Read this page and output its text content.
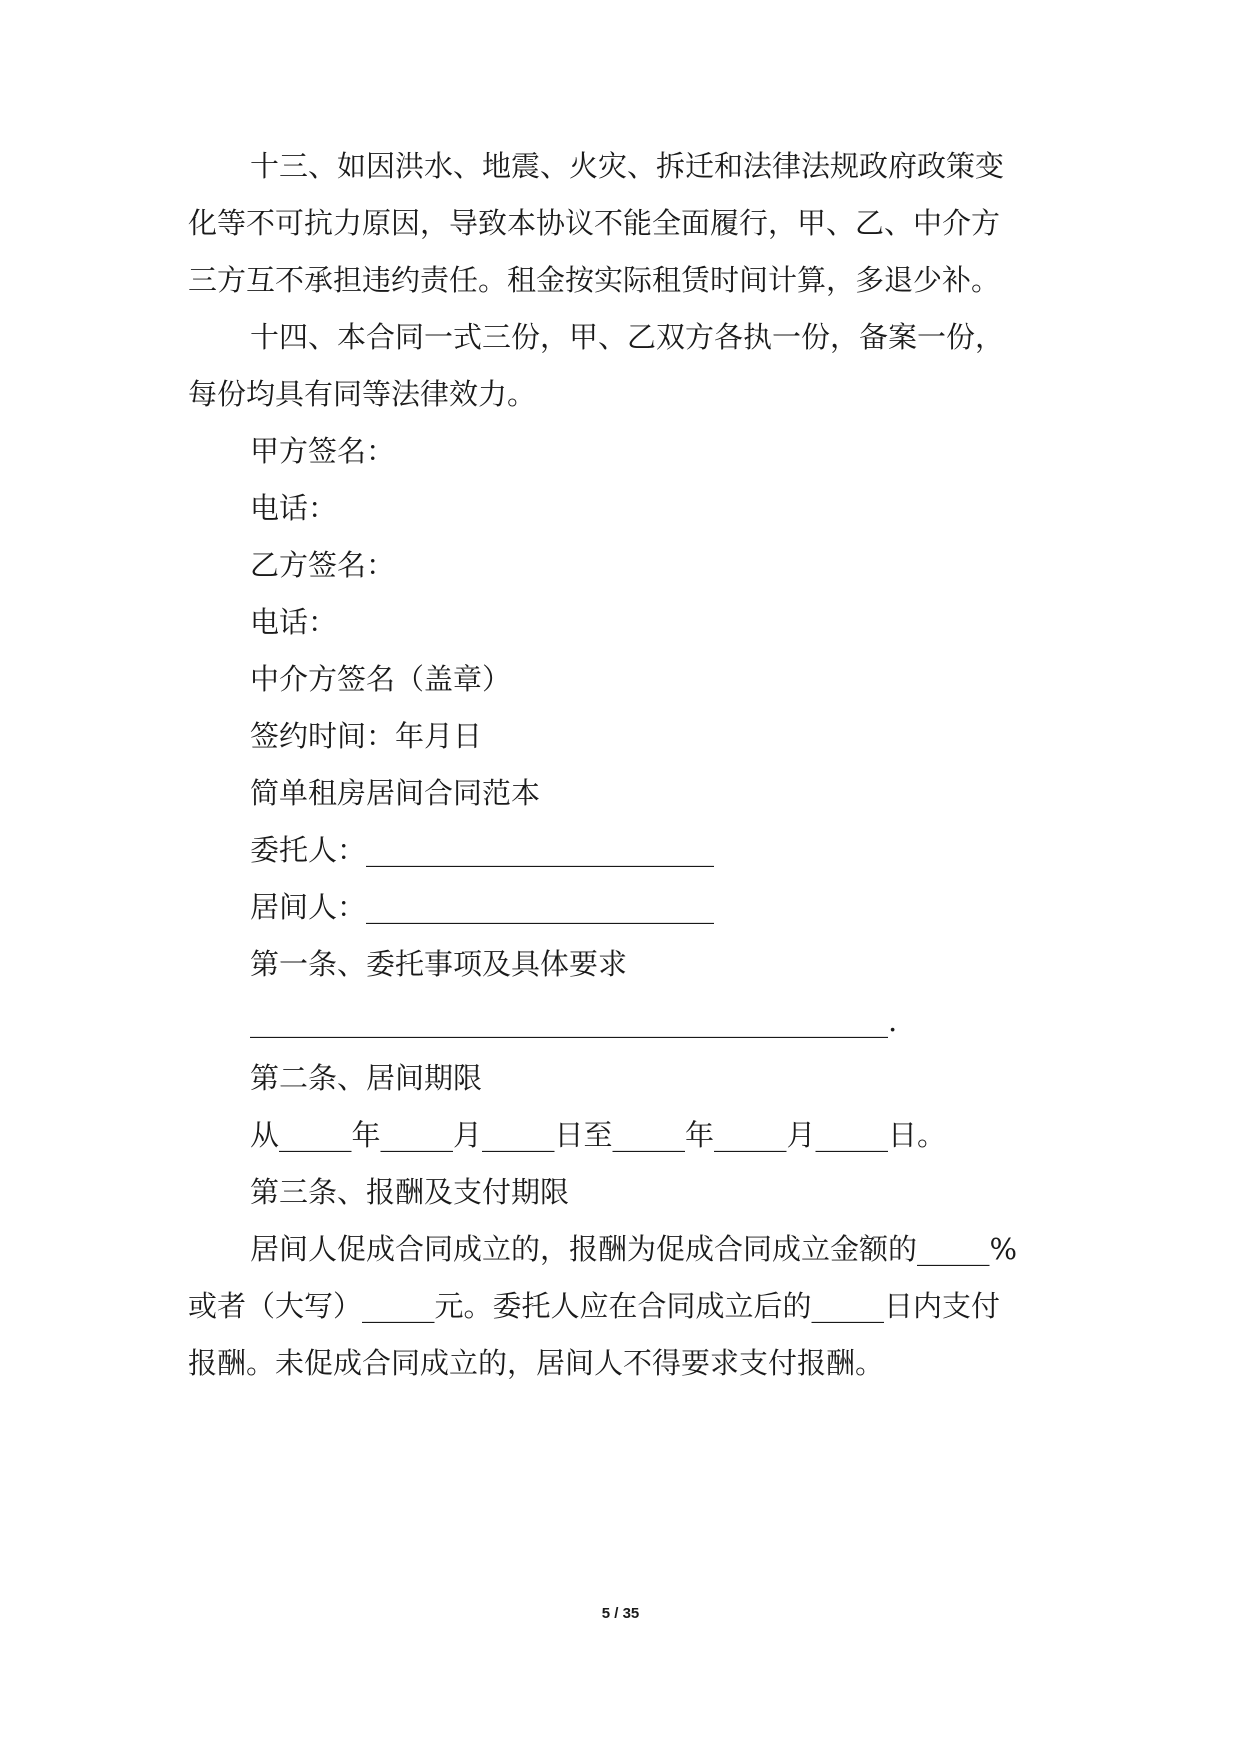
十三、如因洪水、地震、火灾、拆迁和法律法规政府政策变
化等不可抗力原因，导致本协议不能全面履行，甲、乙、中介方
三方互不承担违约责任。租金按实际租赁时间计算，多退少补。
十四、本合同一式三份，甲、乙双方各执一份，备案一份，
每份均具有同等法律效力。
甲方签名：
电话：
乙方签名：
电话：
中介方签名（盖章）
签约时间：年月日
简单租房居间合同范本
委托人：________________________
居间人：________________________
第一条、委托事项及具体要求
____________________________________________.
第二条、居间期限
从_____年_____月_____日至_____年_____月_____日。
第三条、报酬及支付期限
居间人促成合同成立的，报酬为促成合同成立金额的_____%
或者（大写）_____元。委托人应在合同成立后的_____日内支付
报酬。未促成合同成立的，居间人不得要求支付报酬。
5 / 35
